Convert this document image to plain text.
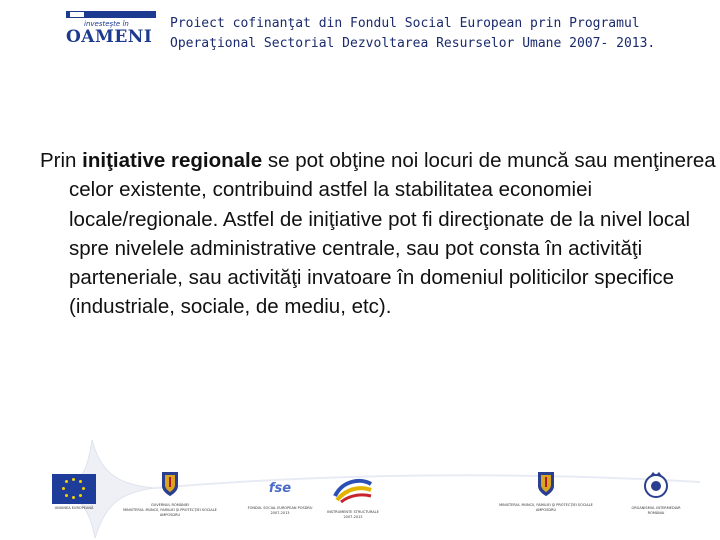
investeşte în
OAMENI
Proiect cofinanţat din Fondul Social European prin Programul
Operaţional Sectorial Dezvoltarea Resurselor Umane 2007- 2013.
Prin iniţiative regionale se pot obţine noi locuri de muncă sau menţinerea celor existente, contribuind astfel la stabilitatea economiei locale/regionale. Astfel de iniţiative pot fi direcţionate de la nivel local spre nivelele administrative centrale, sau pot consta în activităţi parteneriale, sau activităţi invatoare în domeniul politicilor specifice (industriale, sociale, de mediu, etc).
UNIUNEA EUROPEANĂ
GUVERNUL ROMÂNIEI
MINISTERUL MUNCII, FAMILIEI ŞI PROTECŢIEI SOCIALE
AMPOSDRU
fse
FONDUL SOCIAL EUROPEAN POSDRU
2007-2013	INSTRUMENTE STRUCTURALE
2007-2013
MINISTERUL MUNCII, FAMILIEI ŞI PROTECŢIEI SOCIALE
AMPOSDRU	ORGANISMUL INTERMEDIAR
ROMÂNIA
